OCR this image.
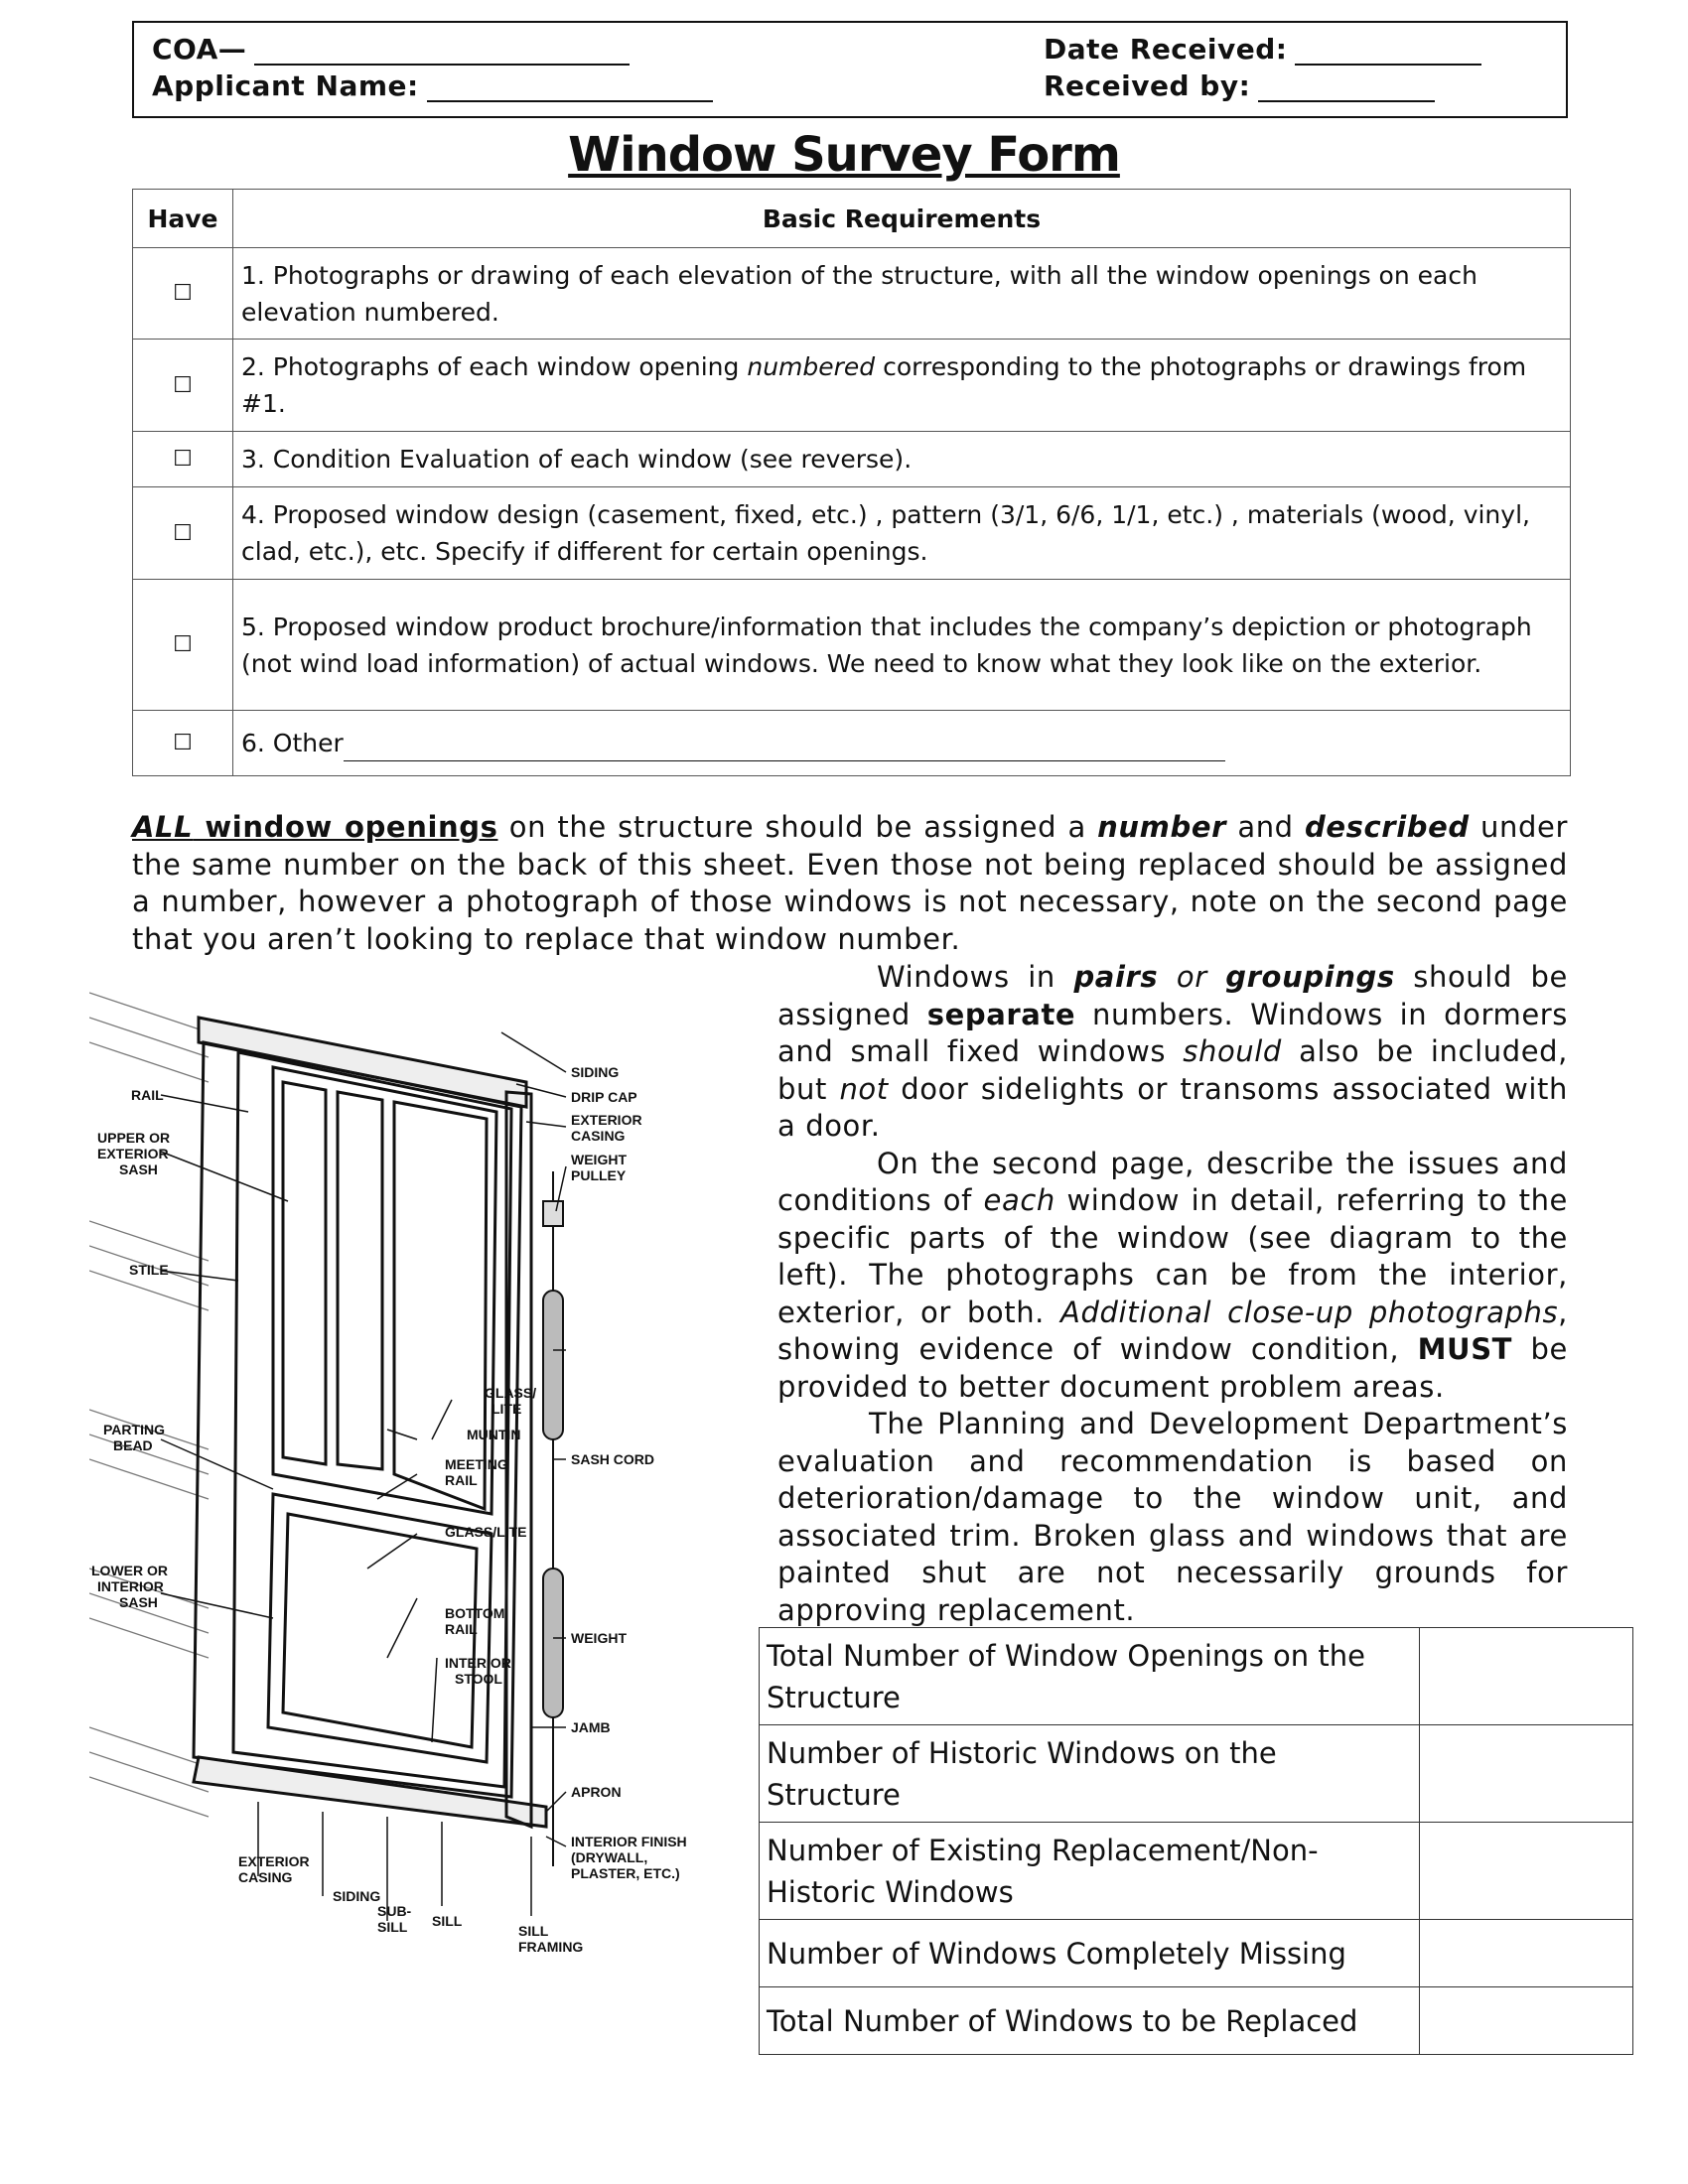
COA—
Applicant Name:
Date Received:
Received by:
Window Survey Form
Have	Basic Requirements
☐	1. Photographs or drawing of each elevation of the structure, with all the window openings on each elevation numbered.
☐	2. Photographs of each window opening numbered corresponding to the photographs or drawings from #1.
☐	3. Condition Evaluation of each window (see reverse).
☐	4. Proposed window design (casement, fixed, etc.) , pattern (3/1, 6/6, 1/1, etc.) , materials (wood, vinyl, clad, etc.), etc. Specify if different for certain openings.
☐	5. Proposed window product brochure/information that includes the company’s depiction or photograph (not wind load information) of actual windows. We need to know what they look like on the exterior.
☐	6. Other
ALL window openings on the structure should be assigned a number and described under the same number on the back of this sheet. Even those not being replaced should be assigned a number, however a photograph of those windows is not necessary, note on the second page that you aren’t looking to replace that window number.
Windows in pairs or groupings should be assigned separate numbers. Windows in dormers and small fixed windows should also be included, but not door sidelights or transoms associated with a door.
On the second page, describe the issues and conditions of each window in detail, referring to the specific parts of the window (see diagram to the left). The photographs can be from the interior, exterior, or both. Additional close-up photographs, showing evidence of window condition, MUST be provided to better document problem areas.
The Planning and Development Department’s evaluation and recommendation is based on deterioration/damage to the window unit, and associated trim. Broken glass and windows that are painted shut are not necessarily grounds for approving replacement.
Total Number of Window Openings on the Structure	
Number of Historic Windows on the Structure	
Number of Existing Replacement/Non-Historic Windows	
Number of Windows Completely Missing	
Total Number of Windows to be Replaced	
RAIL
UPPER OR
EXTERIOR
SASH
STILE
PARTING
BEAD
LOWER OR
INTERIOR
SASH
EXTERIOR
CASING
SIDING
SUB-
SILL SILL
SILL
FRAMING
SIDING
DRIP CAP
EXTERIOR
CASING
WEIGHT
PULLEY
GLASS/
LITE
MUNTIN
MEETING
RAIL
GLASS/LITE
BOTTOM
RAIL
INTERIOR
STOOL
SASH CORD
WEIGHT
JAMB
APRON
INTERIOR FINISH
(DRYWALL,
PLASTER, ETC.)
